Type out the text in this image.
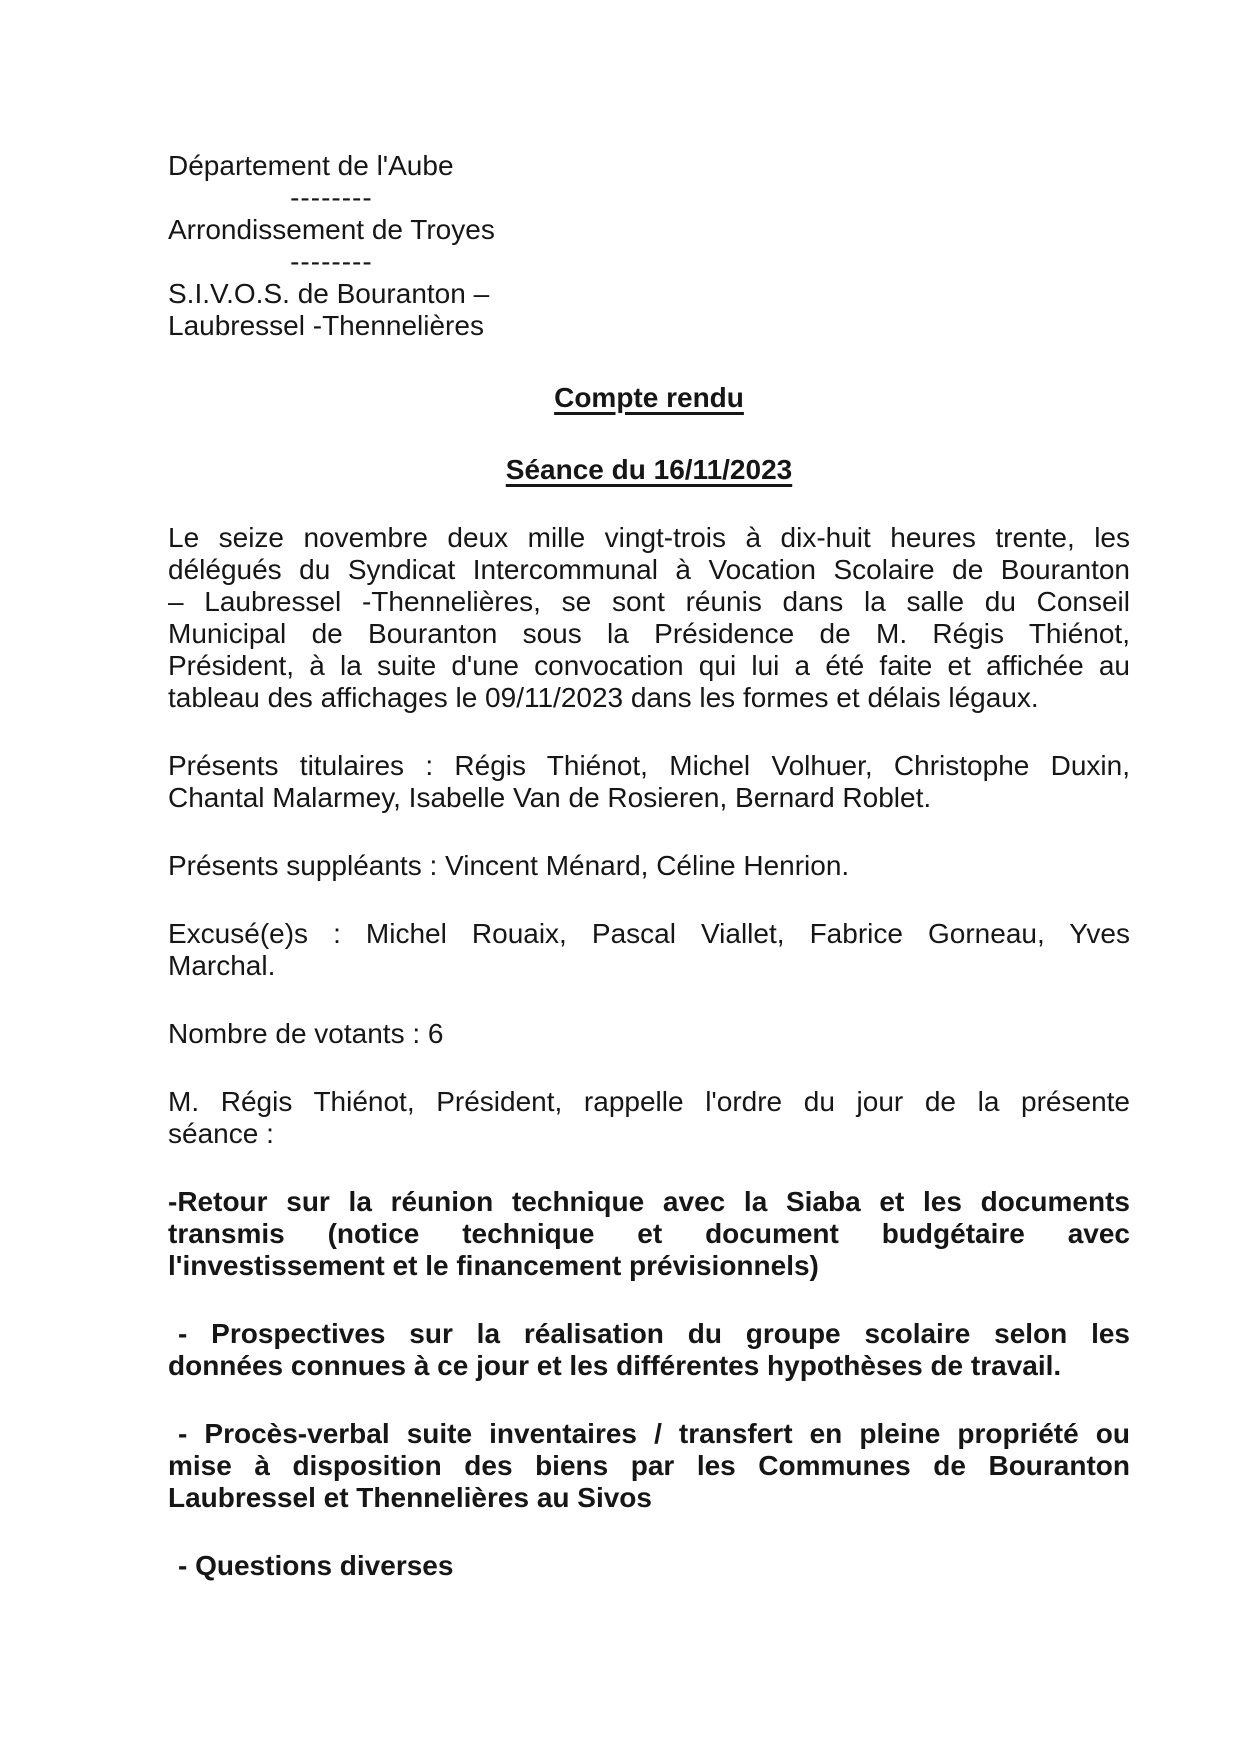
Département de l'Aube
--------
Arrondissement de Troyes
--------
S.I.V.O.S. de Bouranton –
Laubressel -Thennelières
Compte rendu
Séance du 16/11/2023
Le seize novembre deux mille vingt-trois à dix-huit heures trente, les
délégués du Syndicat Intercommunal à Vocation Scolaire de Bouranton
– Laubressel -Thennelières, se sont réunis dans la salle du Conseil
Municipal de Bouranton sous la Présidence de M. Régis Thiénot,
Président, à la suite d'une convocation qui lui a été faite et affichée au
tableau des affichages le 09/11/2023 dans les formes et délais légaux.
Présents titulaires : Régis Thiénot, Michel Volhuer, Christophe Duxin,
Chantal Malarmey, Isabelle Van de Rosieren, Bernard Roblet.
Présents suppléants : Vincent Ménard, Céline Henrion.
Excusé(e)s : Michel Rouaix, Pascal Viallet, Fabrice Gorneau, Yves
Marchal.
Nombre de votants : 6
M. Régis Thiénot, Président, rappelle l'ordre du jour de la présente
séance :
-Retour sur la réunion technique avec la Siaba et les documents
transmis (notice technique et document budgétaire avec
l'investissement et le financement prévisionnels)
- Prospectives sur la réalisation du groupe scolaire selon les
données connues à ce jour et les différentes hypothèses de travail.
- Procès-verbal suite inventaires / transfert en pleine propriété ou
mise à disposition des biens par les Communes de Bouranton
Laubressel et Thennelières au Sivos
- Questions diverses
